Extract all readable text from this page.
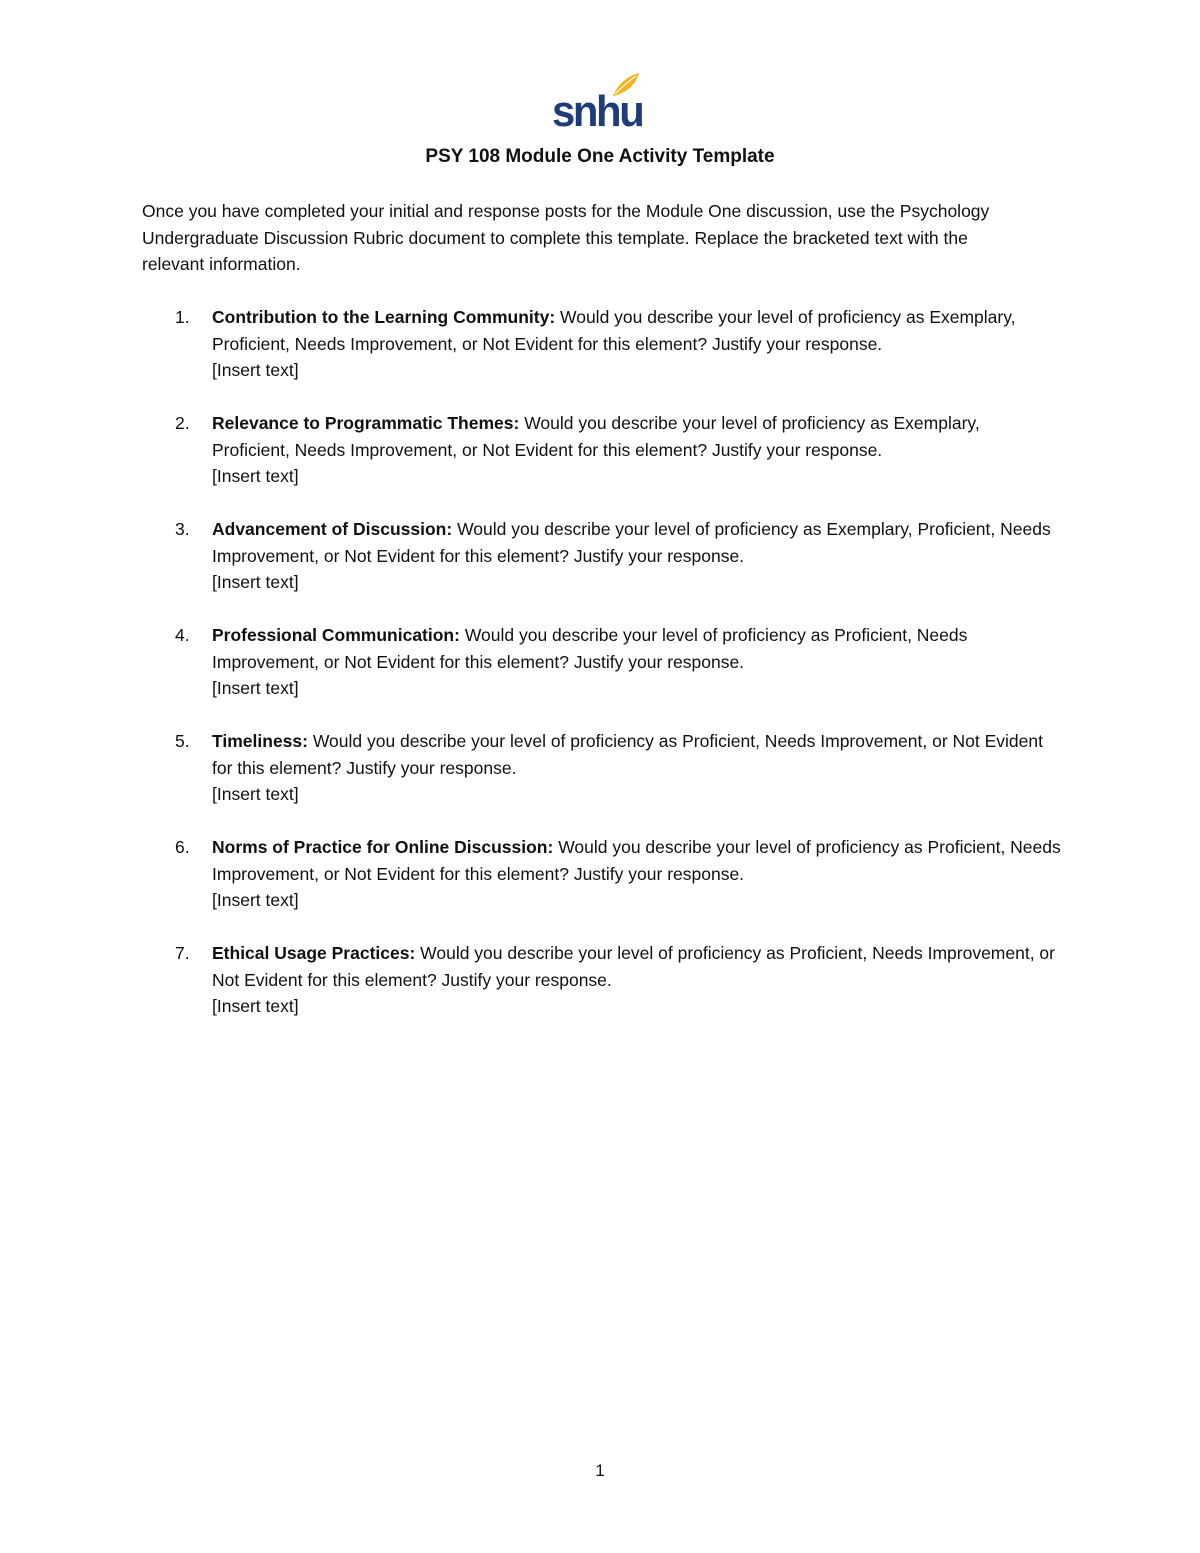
snhu
PSY 108 Module One Activity Template
Once you have completed your initial and response posts for the Module One discussion, use the Psychology Undergraduate Discussion Rubric document to complete this template. Replace the bracketed text with the relevant information.
1. Contribution to the Learning Community: Would you describe your level of proficiency as Exemplary, Proficient, Needs Improvement, or Not Evident for this element? Justify your response.
[Insert text]
2. Relevance to Programmatic Themes: Would you describe your level of proficiency as Exemplary, Proficient, Needs Improvement, or Not Evident for this element? Justify your response.
[Insert text]
3. Advancement of Discussion: Would you describe your level of proficiency as Exemplary, Proficient, Needs Improvement, or Not Evident for this element? Justify your response.
[Insert text]
4. Professional Communication: Would you describe your level of proficiency as Proficient, Needs Improvement, or Not Evident for this element? Justify your response.
[Insert text]
5. Timeliness: Would you describe your level of proficiency as Proficient, Needs Improvement, or Not Evident for this element? Justify your response.
[Insert text]
6. Norms of Practice for Online Discussion: Would you describe your level of proficiency as Proficient, Needs Improvement, or Not Evident for this element? Justify your response.
[Insert text]
7. Ethical Usage Practices: Would you describe your level of proficiency as Proficient, Needs Improvement, or Not Evident for this element? Justify your response.
[Insert text]
1
